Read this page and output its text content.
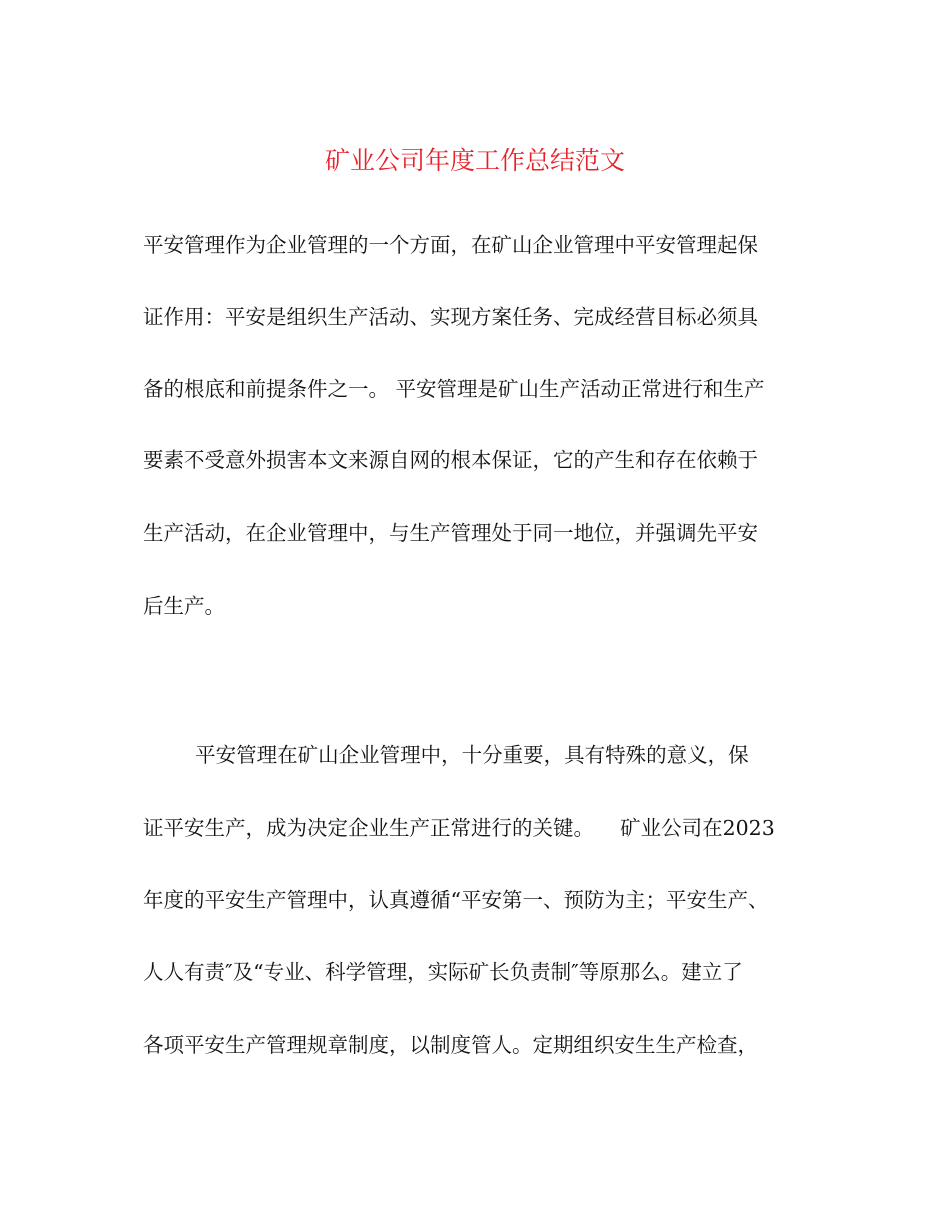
矿业公司年度工作总结范文
平安管理作为企业管理的一个方面，在矿山企业管理中平安管理起保
证作用：平安是组织生产活动、实现方案任务、完成经营目标必须具
备的根底和前提条件之一。 平安管理是矿山生产活动正常进行和生产
要素不受意外损害本文来源自网的根本保证，它的产生和存在依赖于
生产活动，在企业管理中，与生产管理处于同一地位，并强调先平安
后生产。
平安管理在矿山企业管理中，十分重要，具有特殊的意义，保
证平安生产，成为决定企业生产正常进行的关键。    矿业公司在2023
年度的平安生产管理中，认真遵循“平安第一、预防为主；平安生产、
人人有责″及“专业、科学管理，实际矿长负责制″等原那么。建立了
各项平安生产管理规章制度，以制度管人。定期组织安生生产检查，
